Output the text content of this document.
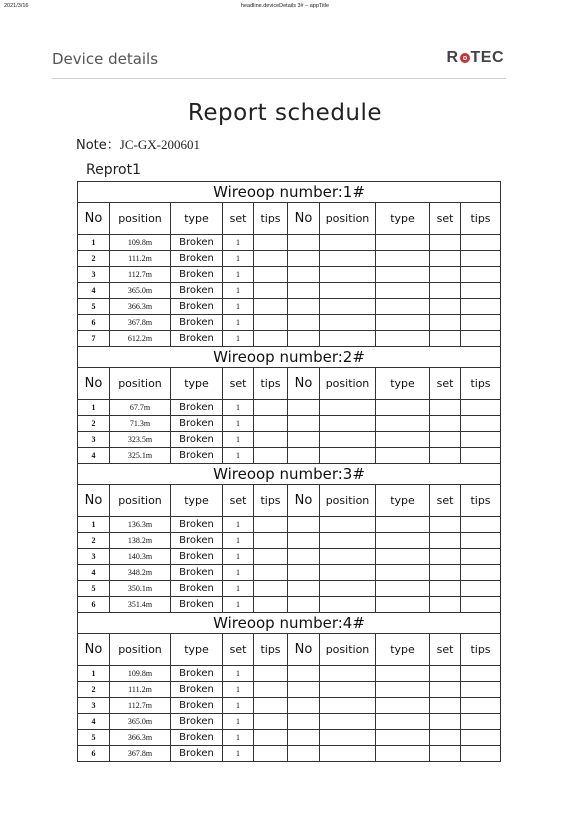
2021/3/16	headline.deviceDetails 3# – appTitle
Device details	R TEC
Report schedule
Note：JC-GX-200601
Reprot1
Wireoop number:1#									
No	position	type	set	tips	No	position	type	set	tips
1	109.8m	Broken	1						
2	111.2m	Broken	1						
3	112.7m	Broken	1						
4	365.0m	Broken	1						
5	366.3m	Broken	1						
6	367.8m	Broken	1						
7	612.2m	Broken	1						
Wireoop number:2#									
No	position	type	set	tips	No	position	type	set	tips
1	67.7m	Broken	1						
2	71.3m	Broken	1						
3	323.5m	Broken	1						
4	325.1m	Broken	1						
Wireoop number:3#									
No	position	type	set	tips	No	position	type	set	tips
1	136.3m	Broken	1						
2	138.2m	Broken	1						
3	140.3m	Broken	1						
4	348.2m	Broken	1						
5	350.1m	Broken	1						
6	351.4m	Broken	1						
Wireoop number:4#									
No	position	type	set	tips	No	position	type	set	tips
1	109.8m	Broken	1						
2	111.2m	Broken	1						
3	112.7m	Broken	1						
4	365.0m	Broken	1						
5	366.3m	Broken	1						
6	367.8m	Broken	1						
